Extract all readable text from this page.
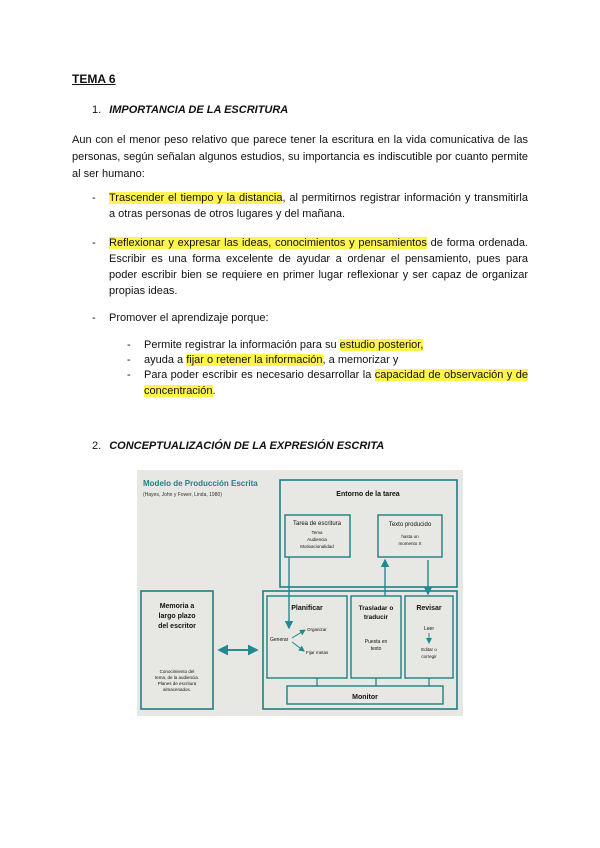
TEMA 6
1. IMPORTANCIA DE LA ESCRITURA
Aun con el menor peso relativo que parece tener la escritura en la vida comunicativa de las personas, según señalan algunos estudios, su importancia es indiscutible por cuanto permite al ser humano:
- Trascender el tiempo y la distancia, al permitirnos registrar información y transmitirla a otras personas de otros lugares y del mañana.
- Reflexionar y expresar las ideas, conocimientos y pensamientos de forma ordenada. Escribir es una forma excelente de ayudar a ordenar el pensamiento, pues para poder escribir bien se requiere en primer lugar reflexionar y ser capaz de organizar propias ideas.
- Promover el aprendizaje porque:
- Permite registrar la información para su estudio posterior,
- ayuda a fijar o retener la información, a memorizar y
- Para poder escribir es necesario desarrollar la capacidad de observación y de concentración.
2. CONCEPTUALIZACIÓN DE LA EXPRESIÓN ESCRITA
Modelo de Producción Escrita
(Hayes, John y Fower, Linda, 1980)	Entorno de la tarea
Tarea de escritura
Tema
Audiencia
Motivacionalidad
Texto producido
hasta un
momento X
Memoria a
largo plazo
del escritor
Conocimiento del
tema, de la audiencia.
Planes de escritura
almacenados.
Planificar
Generar
Organizar
Fijar metas
Trasladar o
traducir
Puesta en
texto
Revisar
Leer
Editar o
corregir
Monitor
